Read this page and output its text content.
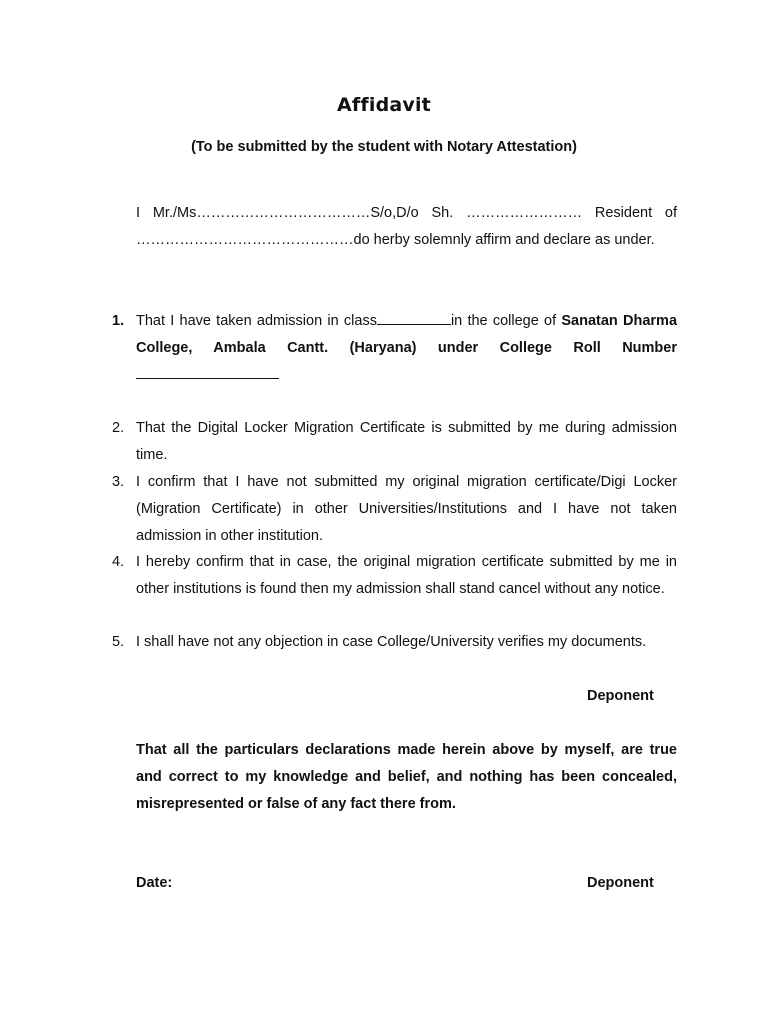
Affidavit
(To be submitted by the student with Notary Attestation)
I Mr./Ms………………………………S/o,D/o Sh. …………………… Resident of ………………………………………do herby solemnly affirm and declare as under.
1. That I have taken admission in class	in the college of Sanatan Dharma College, Ambala Cantt. (Haryana) under College Roll Number
2. That the Digital Locker Migration Certificate is submitted by me during admission time.
3. I confirm that I have not submitted my original migration certificate/Digi Locker (Migration Certificate) in other Universities/Institutions and I have not taken admission in other institution.
4. I hereby confirm that in case, the original migration certificate submitted by me in other institutions is found then my admission shall stand cancel without any notice.
5. I shall have not any objection in case College/University verifies my documents.
Deponent
That all the particulars declarations made herein above by myself, are true and correct to my knowledge and belief, and nothing has been concealed, misrepresented or false of any fact there from.
Date:	Deponent
